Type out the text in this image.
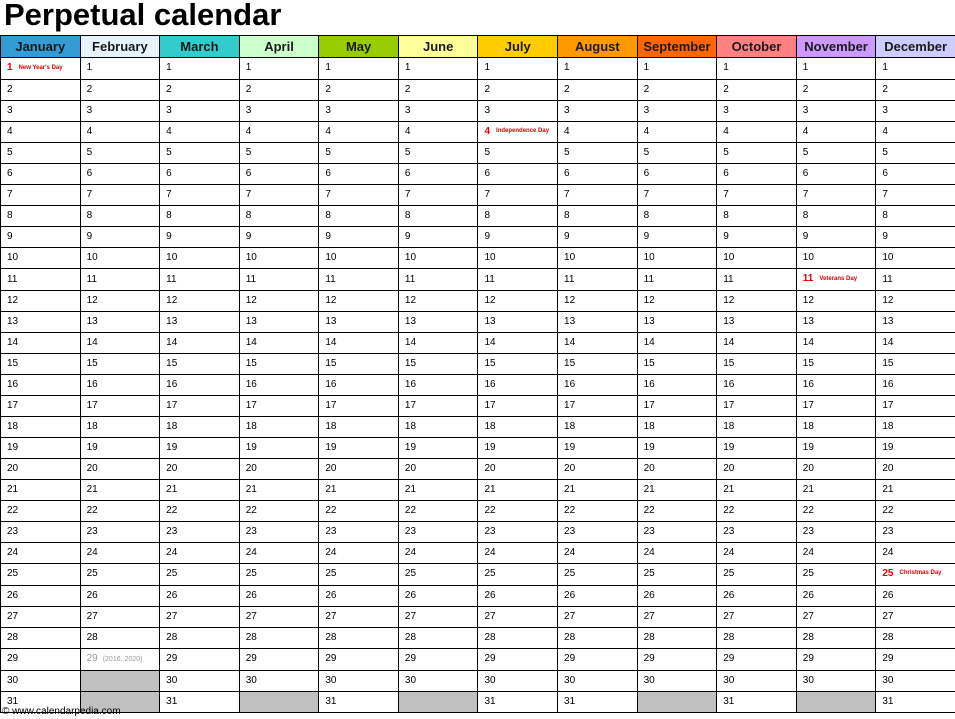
Perpetual calendar
January	February	March	April	May	June	July	August	September	October	November	December
1 New Year's Day	1	1	1	1	1	1	1	1	1	1	1
2	2	2	2	2	2	2	2	2	2	2	2
3	3	3	3	3	3	3	3	3	3	3	3
4	4	4	4	4	4	4 Independence Day	4	4	4	4	4
5	5	5	5	5	5	5	5	5	5	5	5
6	6	6	6	6	6	6	6	6	6	6	6
7	7	7	7	7	7	7	7	7	7	7	7
8	8	8	8	8	8	8	8	8	8	8	8
9	9	9	9	9	9	9	9	9	9	9	9
10	10	10	10	10	10	10	10	10	10	10	10
11	11	11	11	11	11	11	11	11	11	11 Veterans Day	11
12	12	12	12	12	12	12	12	12	12	12	12
13	13	13	13	13	13	13	13	13	13	13	13
14	14	14	14	14	14	14	14	14	14	14	14
15	15	15	15	15	15	15	15	15	15	15	15
16	16	16	16	16	16	16	16	16	16	16	16
17	17	17	17	17	17	17	17	17	17	17	17
18	18	18	18	18	18	18	18	18	18	18	18
19	19	19	19	19	19	19	19	19	19	19	19
20	20	20	20	20	20	20	20	20	20	20	20
21	21	21	21	21	21	21	21	21	21	21	21
22	22	22	22	22	22	22	22	22	22	22	22
23	23	23	23	23	23	23	23	23	23	23	23
24	24	24	24	24	24	24	24	24	24	24	24
25	25	25	25	25	25	25	25	25	25	25	25 Christmas Day
26	26	26	26	26	26	26	26	26	26	26	26
27	27	27	27	27	27	27	27	27	27	27	27
28	28	28	28	28	28	28	28	28	28	28	28
29	29 (2016, 2020)	29	29	29	29	29	29	29	29	29	29
30		30	30	30	30	30	30	30	30	30	30
31		31		31		31	31		31		31
© www.calendarpedia.com
